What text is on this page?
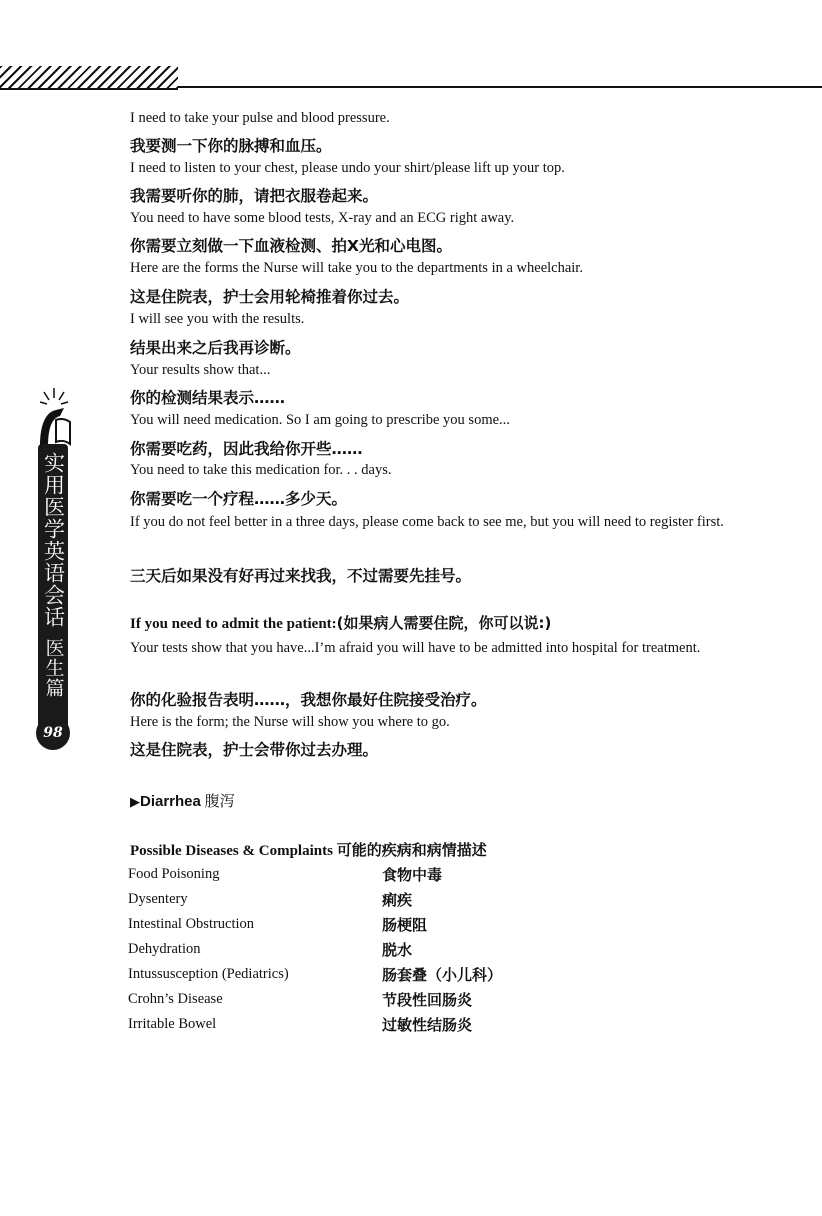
实用医学英语会话
医生篇
98
I need to take your pulse and blood pressure.
我要测一下你的脉搏和血压。
I need to listen to your chest, please undo your shirt/please lift up your top.
我需要听你的肺，请把衣服卷起来。
You need to have some blood tests, X-ray and an ECG right away.
你需要立刻做一下血液检测、拍X光和心电图。
Here are the forms the Nurse will take you to the departments in a wheelchair.
这是住院表，护士会用轮椅推着你过去。
I will see you with the results.
结果出来之后我再诊断。
Your results show that...
你的检测结果表示……
You will need medication. So I am going to prescribe you some...
你需要吃药，因此我给你开些……
You need to take this medication for. . . days.
你需要吃一个疗程……多少天。
If you do not feel better in a three days, please come back to see me, but you will need to register first.
三天后如果没有好再过来找我，不过需要先挂号。
If you need to admit the patient:(如果病人需要住院，你可以说:)
Your tests show that you have...I’m afraid you will have to be admitted into hospital for treatment.
你的化验报告表明……，我想你最好住院接受治疗。
Here is the form; the Nurse will show you where to go.
这是住院表，护士会带你过去办理。
▶Diarrhea 腹泻
Possible Diseases & Complaints 可能的疾病和病情描述
Food Poisoning	食物中毒
Dysentery	痢疾
Intestinal Obstruction	肠梗阻
Dehydration	脱水
Intussusception (Pediatrics)	肠套叠（小儿科）
Crohn’s Disease	节段性回肠炎
Irritable Bowel	过敏性结肠炎
